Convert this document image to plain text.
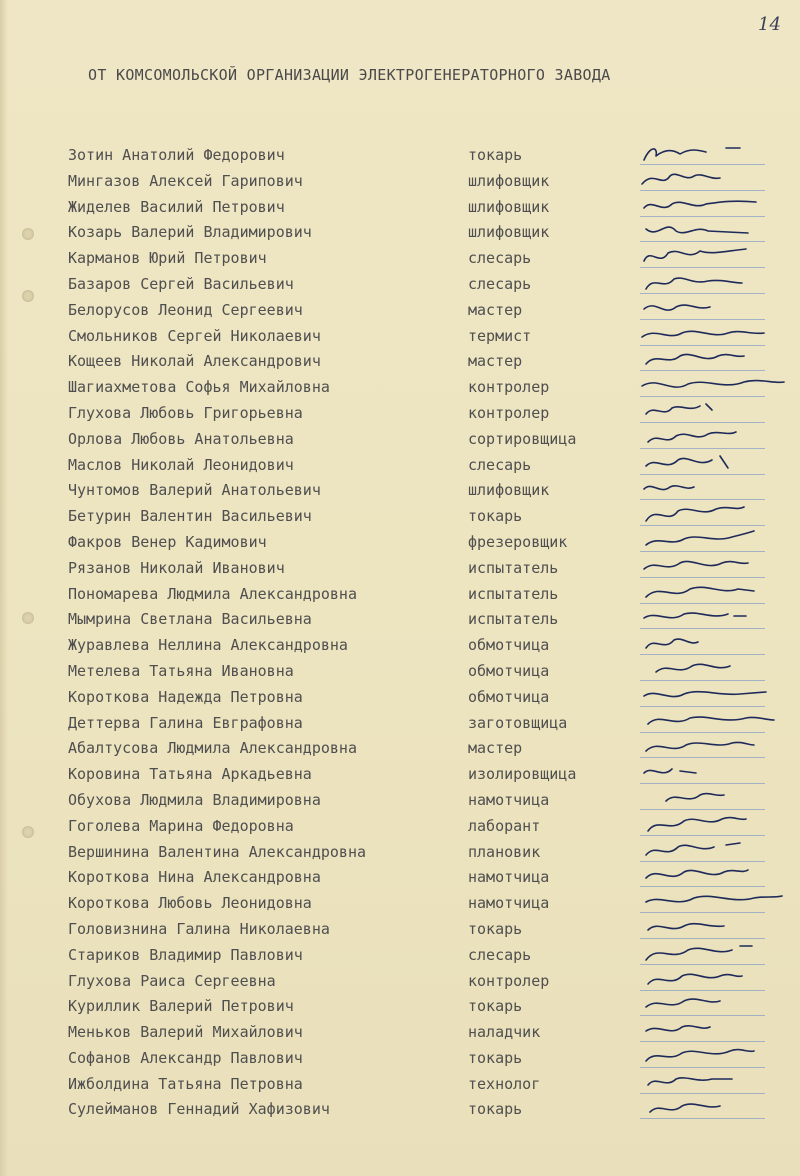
14
ОТ КОМСОМОЛЬСКОЙ ОРГАНИЗАЦИИ ЭЛЕКТРОГЕНЕРАТОРНОГО ЗАВОДА
Зотин Анатолий Федорович	токарь
Мингазов Алексей Гарипович	шлифовщик
Жиделев Василий Петрович	шлифовщик
Козарь Валерий Владимирович	шлифовщик
Карманов Юрий Петрович	слесарь
Базаров Сергей Васильевич	слесарь
Белорусов Леонид Сергеевич	мастер
Смольников Сергей Николаевич	термист
Кощеев Николай Александрович	мастер
Шагиахметова Софья Михайловна	контролер
Глухова Любовь Григорьевна	контролер
Орлова Любовь Анатольевна	сортировщица
Маслов Николай Леонидович	слесарь
Чунтомов Валерий Анатольевич	шлифовщик
Бетурин Валентин Васильевич	токарь
Факров Венер Кадимович	фрезеровщик
Рязанов Николай Иванович	испытатель
Пономарева Людмила Александровна	испытатель
Мымрина Светлана Васильевна	испытатель
Журавлева Неллина Александровна	обмотчица
Метелева Татьяна Ивановна	обмотчица
Короткова Надежда Петровна	обмотчица
Деттерва Галина Евграфовна	заготовщица
Абалтусова Людмила Александровна	мастер
Коровина Татьяна Аркадьевна	изолировщица
Обухова Людмила Владимировна	намотчица
Гоголева Марина Федоровна	лаборант
Вершинина Валентина Александровна	плановик
Короткова Нина Александровна	намотчица
Короткова Любовь Леонидовна	намотчица
Головизнина Галина Николаевна	токарь
Стариков Владимир Павлович	слесарь
Глухова Раиса Сергеевна	контролер
Куриллик Валерий Петрович	токарь
Меньков Валерий Михайлович	наладчик
Софанов Александр Павлович	токарь
Ижболдина Татьяна Петровна	технолог
Сулейманов Геннадий Хафизович	токарь
